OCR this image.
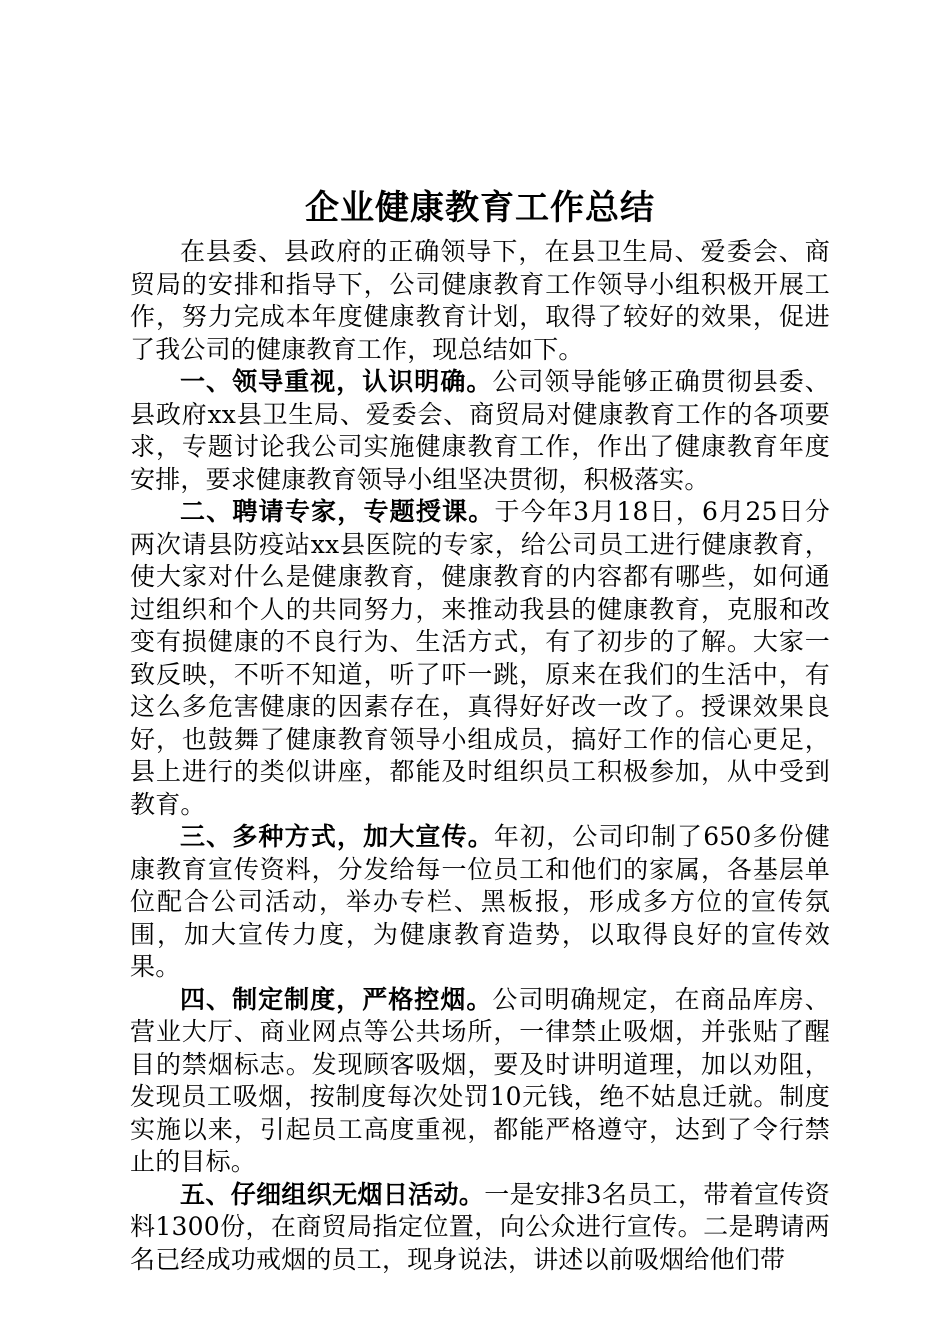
企业健康教育工作总结

在县委、县政府的正确领导下，在县卫生局、爱委会、商贸局的安排和指导下，公司健康教育工作领导小组积极开展工作，努力完成本年度健康教育计划，取得了较好的效果，促进了我公司的健康教育工作，现总结如下。

一、领导重视，认识明确。公司领导能够正确贯彻县委、县政府xx县卫生局、爱委会、商贸局对健康教育工作的各项要求，专题讨论我公司实施健康教育工作，作出了健康教育年度安排，要求健康教育领导小组坚决贯彻，积极落实。

二、聘请专家，专题授课。于今年3月18日，6月25日分两次请县防疫站xx县医院的专家，给公司员工进行健康教育，使大家对什么是健康教育，健康教育的内容都有哪些，如何通过组织和个人的共同努力，来推动我县的健康教育，克服和改变有损健康的不良行为、生活方式，有了初步的了解。大家一致反映，不听不知道，听了吓一跳，原来在我们的生活中，有这么多危害健康的因素存在，真得好好改一改了。授课效果良好，也鼓舞了健康教育领导小组成员，搞好工作的信心更足，县上进行的类似讲座，都能及时组织员工积极参加，从中受到教育。

三、多种方式，加大宣传。年初，公司印制了650多份健康教育宣传资料，分发给每一位员工和他们的家属，各基层单位配合公司活动，举办专栏、黑板报，形成多方位的宣传氛围，加大宣传力度，为健康教育造势，以取得良好的宣传效果。

四、制定制度，严格控烟。公司明确规定，在商品库房、营业大厅、商业网点等公共场所，一律禁止吸烟，并张贴了醒目的禁烟标志。发现顾客吸烟，要及时讲明道理，加以劝阻，发现员工吸烟，按制度每次处罚10元钱，绝不姑息迁就。制度实施以来，引起员工高度重视，都能严格遵守，达到了令行禁止的目标。

五、仔细组织无烟日活动。一是安排3名员工，带着宣传资料1300份，在商贸局指定位置，向公众进行宣传。二是聘请两名已经成功戒烟的员工，现身说法，讲述以前吸烟给他们带
